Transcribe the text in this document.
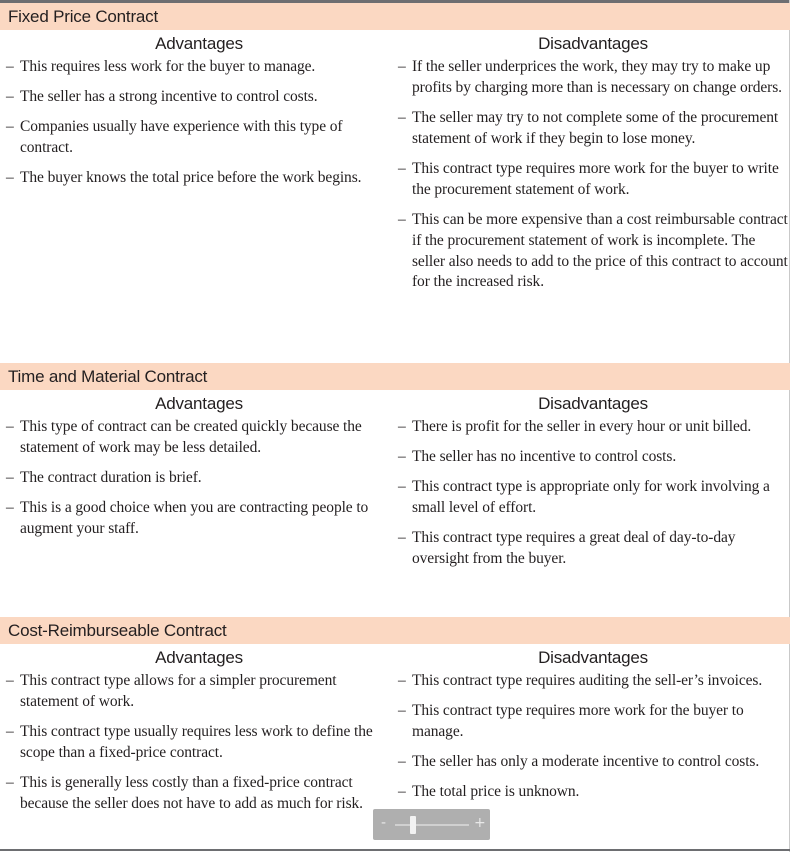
Fixed Price Contract
Advantages
– This requires less work for the buyer to manage.
– The seller has a strong incentive to control costs.
– Companies usually have experience with this type of contract.
– The buyer knows the total price before the work begins.
Disadvantages
– If the seller underprices the work, they may try to make up profits by charging more than is necessary on change orders.
– The seller may try to not complete some of the procurement statement of work if they begin to lose money.
– This contract type requires more work for the buyer to write the procurement statement of work.
– This can be more expensive than a cost reimbursable contract if the procurement statement of work is incomplete. The seller also needs to add to the price of this contract to account for the increased risk.
Time and Material Contract
Advantages
– This type of contract can be created quickly because the statement of work may be less detailed.
– The contract duration is brief.
– This is a good choice when you are contracting people to augment your staff.
Disadvantages
– There is profit for the seller in every hour or unit billed.
– The seller has no incentive to control costs.
– This contract type is appropriate only for work involving a small level of effort.
– This contract type requires a great deal of day-to-day oversight from the buyer.
Cost-Reimburseable Contract
Advantages
– This contract type allows for a simpler procurement statement of work.
– This contract type usually requires less work to define the scope than a fixed-price contract.
– This is generally less costly than a fixed-price contract because the seller does not have to add as much for risk.
Disadvantages
– This contract type requires auditing the sell-er’s invoices.
– This contract type requires more work for the buyer to manage.
– The seller has only a moderate incentive to control costs.
– The total price is unknown.
-	+
